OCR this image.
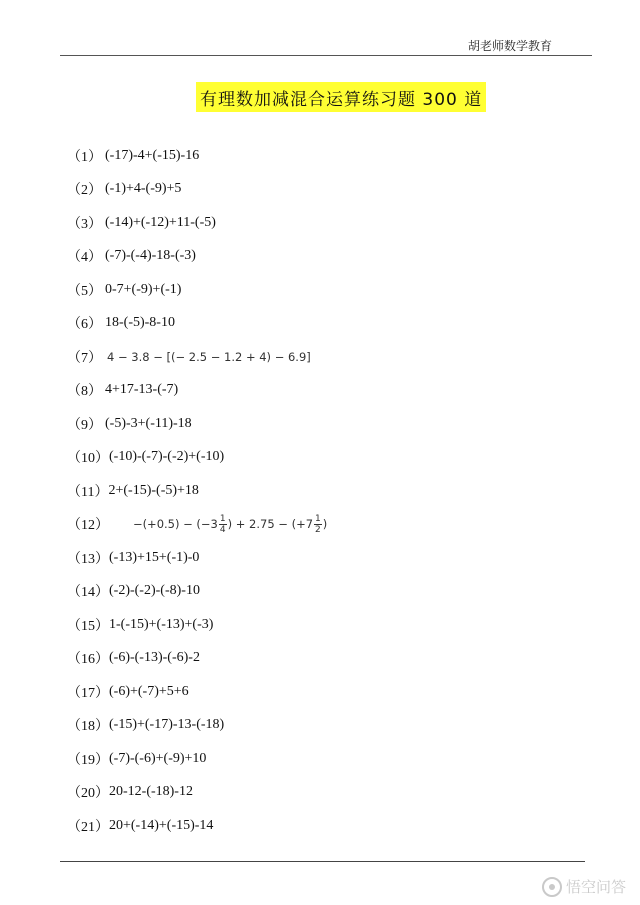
胡老师数学教育
有理数加减混合运算练习题 300 道
（1） (-17)-4+(-15)-16
（2） (-1)+4-(-9)+5
（3） (-14)+(-12)+11-(-5)
（4） (-7)-(-4)-18-(-3)
（5） 0-7+(-9)+(-1)
（6） 18-(-5)-8-10
（7） 4 − 3.8 − [(− 2.5 − 1.2 + 4) − 6.9]
（8） 4+17-13-(-7)
（9） (-5)-3+(-11)-18
（10） (-10)-(-7)-(-2)+(-10)
（11） 2+(-15)-(-5)+18
（12）	$-(+0.5) - (-3 \frac{1}{4}$ ) + $2.75 - (+7 \frac{1}{2}$ )

（13） (-13)+15+(-1)-0
（14） (-2)-(-2)-(-8)-10
（15） 1-(-15)+(-13)+(-3)
（16） (-6)-(-13)-(-6)-2
（17） (-6)+(-7)+5+6
（18） (-15)+(-17)-13-(-18)
（19） (-7)-(-6)+(-9)+10
（20） 20-12-(-18)-12
（21） 20+(-14)+(-15)-14
悟空问答
